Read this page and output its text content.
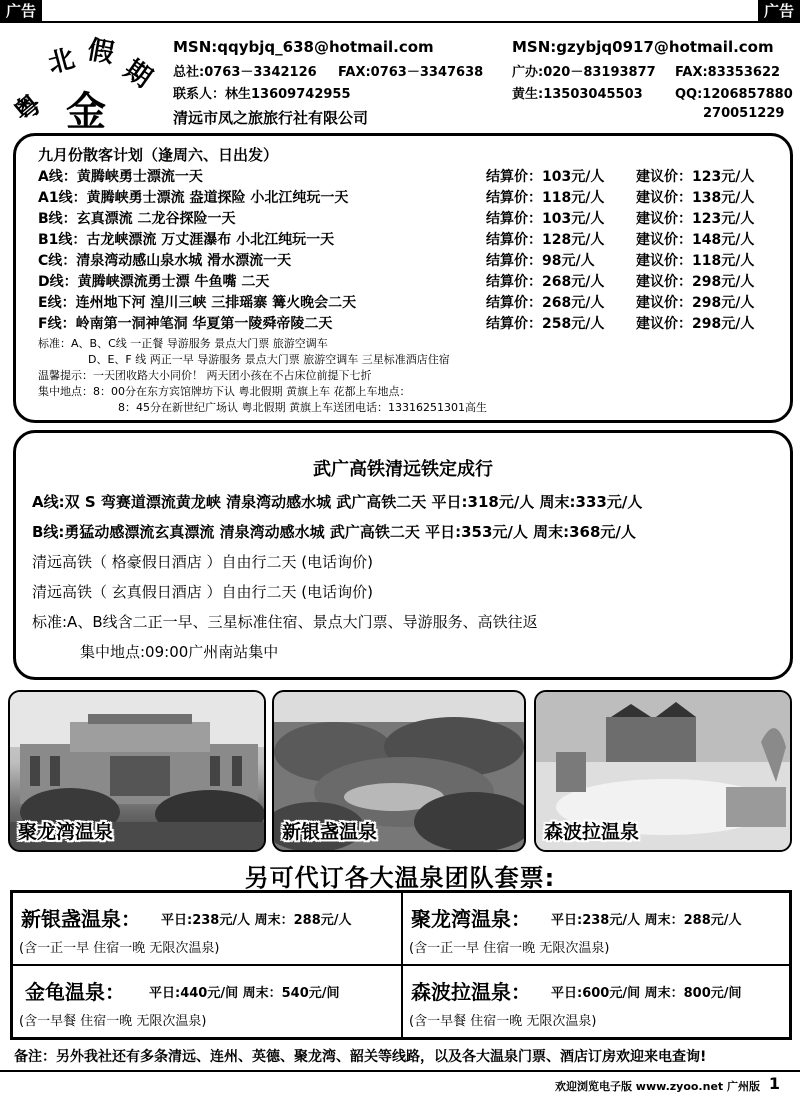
广告	广告
粤
北 假
期
金
MSN:qqybjq_638@hotmail.com	MSN:gzybjq0917@hotmail.com
总社:0763－3342126 FAX:0763－3347638 广办:020－83193877 FAX:83353622
联系人：林生13609742955	黄生:13503045503 QQ:1206857880
270051229
清远市凤之旅旅行社有限公司
九月份散客计划（逢周六、日出发）
A线：黄腾峡勇士漂流一天	结算价：103元/人 建议价：123元/人
A1线：黄腾峡勇士漂流 盎道探险 小北江纯玩一天	结算价：118元/人 建议价：138元/人
B线：玄真漂流 二龙谷探险一天	结算价：103元/人 建议价：123元/人
B1线：古龙峡漂流 万丈涯瀑布 小北江纯玩一天	结算价：128元/人 建议价：148元/人
C线：清泉湾动感山泉水城 滑水漂流一天	结算价：98元/人	建议价：118元/人
D线：黄腾峡漂流勇士漂 牛鱼嘴 二天	结算价：268元/人 建议价：298元/人
E线：连州地下河 湟川三峡 三排瑶寨 篝火晚会二天	结算价：268元/人 建议价：298元/人
F线：岭南第一洞神笔洞 华夏第一陵舜帝陵二天	结算价：258元/人 建议价：298元/人
标准：A、B、C线 一正餐 导游服务 景点大门票 旅游空调车
D、E、F 线 两正一早 导游服务 景点大门票 旅游空调车 三星标准酒店住宿
温馨提示：一天团收路大小同价！ 两天团小孩在不占床位前提下七折
集中地点：8：00分在东方宾馆牌坊下认 粤北假期 黄旗上车 花都上车地点：
8：45分在新世纪广场认 粤北假期 黄旗上车送团电话：13316251301高生
武广高铁清远铁定成行
A线:双 S 弯赛道漂流黄龙峡 清泉湾动感水城 武广高铁二天 平日:318元/人 周末:333元/人
B线:勇猛动感漂流玄真漂流 清泉湾动感水城 武广高铁二天 平日:353元/人 周末:368元/人
清远高铁（ 格豪假日酒店 ）自由行二天 (电话询价)
清远高铁（ 玄真假日酒店 ）自由行二天 (电话询价)
标准:A、B线含二正一早、三星标准住宿、景点大门票、导游服务、高铁往返
集中地点:09:00广州南站集中
聚龙湾温泉	新银盏温泉	森波拉温泉
另可代订各大温泉团队套票:
新银盏温泉： 平日:238元/人 周末：288元/人
(含一正一早 住宿一晚 无限次温泉)
聚龙湾温泉： 平日:238元/人 周末：288元/人
(含一正一早 住宿一晚 无限次温泉)
金龟温泉： 平日:440元/间 周末：540元/间
(含一早餐 住宿一晚 无限次温泉)
森波拉温泉： 平日:600元/间 周末：800元/间
(含一早餐 住宿一晚 无限次温泉)
备注：另外我社还有多条清远、连州、英德、聚龙湾、韶关等线路，以及各大温泉门票、酒店订房欢迎来电查询!
欢迎浏览电子版 www.zyoo.net 广州版 1
